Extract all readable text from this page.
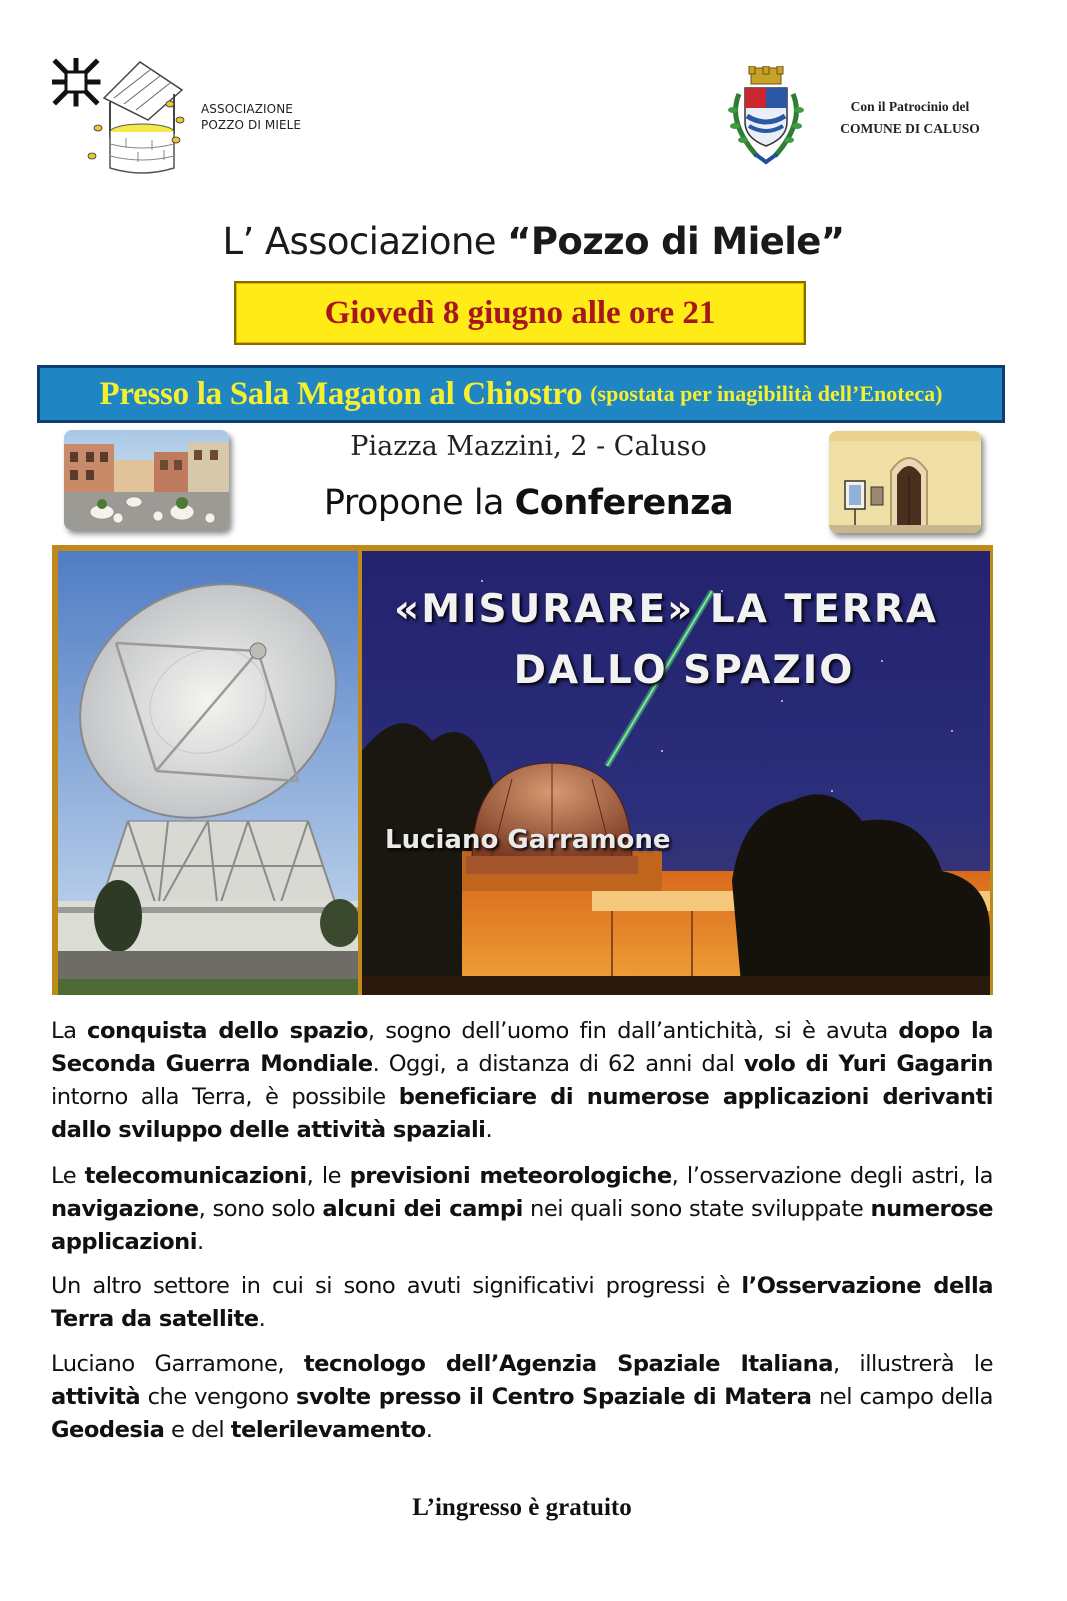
ASSOCIAZIONE
POZZO DI MIELE
Con il Patrocinio del
COMUNE DI CALUSO
L’ Associazione “Pozzo di Miele”
Giovedì 8 giugno alle ore 21
Presso la Sala Magaton al Chiostro (spostata per inagibilità dell’Enoteca)
Piazza Mazzini, 2 - Caluso
Propone la Conferenza
«MISURARE» LA TERRA
DALLO SPAZIO
Luciano Garramone
La conquista dello spazio, sogno dell’uomo fin dall’antichità, si è avuta dopo la Seconda Guerra Mondiale. Oggi, a distanza di 62 anni dal volo di Yuri Gagarin intorno alla Terra, è possibile beneficiare di numerose applicazioni derivanti dallo sviluppo delle attività spaziali.
Le telecomunicazioni, le previsioni meteorologiche, l’osservazione degli astri, la navigazione, sono solo alcuni dei campi nei quali sono state sviluppate numerose applicazioni.
Un altro settore in cui si sono avuti significativi progressi è l’Osservazione della Terra da satellite.
Luciano Garramone, tecnologo dell’Agenzia Spaziale Italiana, illustrerà le attività che vengono svolte presso il Centro Spaziale di Matera nel campo della Geodesia e del telerilevamento.
L’ingresso è gratuito
